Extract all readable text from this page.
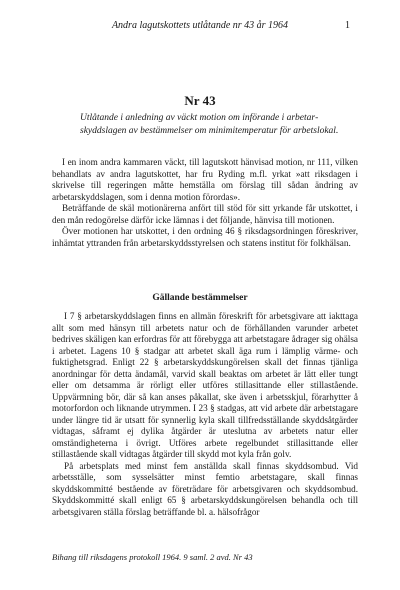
Andra lagutskottets utlåtande nr 43 år 1964	1
Nr 43
Utlåtande i anledning av väckt motion om införande i arbetarskyddslagen av bestämmelser om minimitemperatur för arbetslokal.

I en inom andra kammaren väckt, till lagutskott hänvisad motion, nr 111, vilken behandlats av andra lagutskottet, har fru Ryding m.fl. yrkat »att riksdagen i skrivelse till regeringen måtte hemställa om förslag till sådan ändring av arbetarskyddslagen, som i denna motion förordas».

Beträffande de skäl motionärerna anfört till stöd för sitt yrkande får utskottet, i den mån redogörelse därför icke lämnas i det följande, hänvisa till motionen.

Över motionen har utskottet, i den ordning 46 § riksdagsordningen föreskriver, inhämtat yttranden från arbetarskyddsstyrelsen och statens institut för folkhälsan.

Gällande bestämmelser

I 7 § arbetarskyddslagen finns en allmän föreskrift för arbetsgivare att iakttaga allt som med hänsyn till arbetets natur och de förhållanden varunder arbetet bedrives skäligen kan erfordras för att förebygga att arbetstagare ådrager sig ohälsa i arbetet. Lagens 10 § stadgar att arbetet skall äga rum i lämplig värme- och fuktighetsgrad. Enligt 22 § arbetarskyddskungörelsen skall det finnas tjänliga anordningar för detta ändamål, varvid skall beaktas om arbetet är lätt eller tungt eller om detsamma är rörligt eller utföres stillasittande eller stillastående. Uppvärmning bör, där så kan anses påkallat, ske även i arbetsskjul, förarhytter å motorfordon och liknande utrymmen. I 23 § stadgas, att vid arbete där arbetstagare under längre tid är utsatt för synnerlig kyla skall tillfredsställande skyddsåtgärder vidtagas, såframt ej dylika åtgärder är uteslutna av arbetets natur eller omständigheterna i övrigt. Utföres arbete regelbundet stillasittande eller stillastående skall vidtagas åtgärder till skydd mot kyla från golv.

På arbetsplats med minst fem anställda skall finnas skyddsombud. Vid arbetsställe, som sysselsätter minst femtio arbetstagare, skall finnas skyddskommitté bestående av företrädare för arbetsgivaren och skyddsombud. Skyddskommitté skall enligt 65 § arbetarskyddskungörelsen behandla och till arbetsgivaren ställa förslag beträffande bl. a. hälsofrågor

Bihang till riksdagens protokoll 1964. 9 saml. 2 avd. Nr 43
